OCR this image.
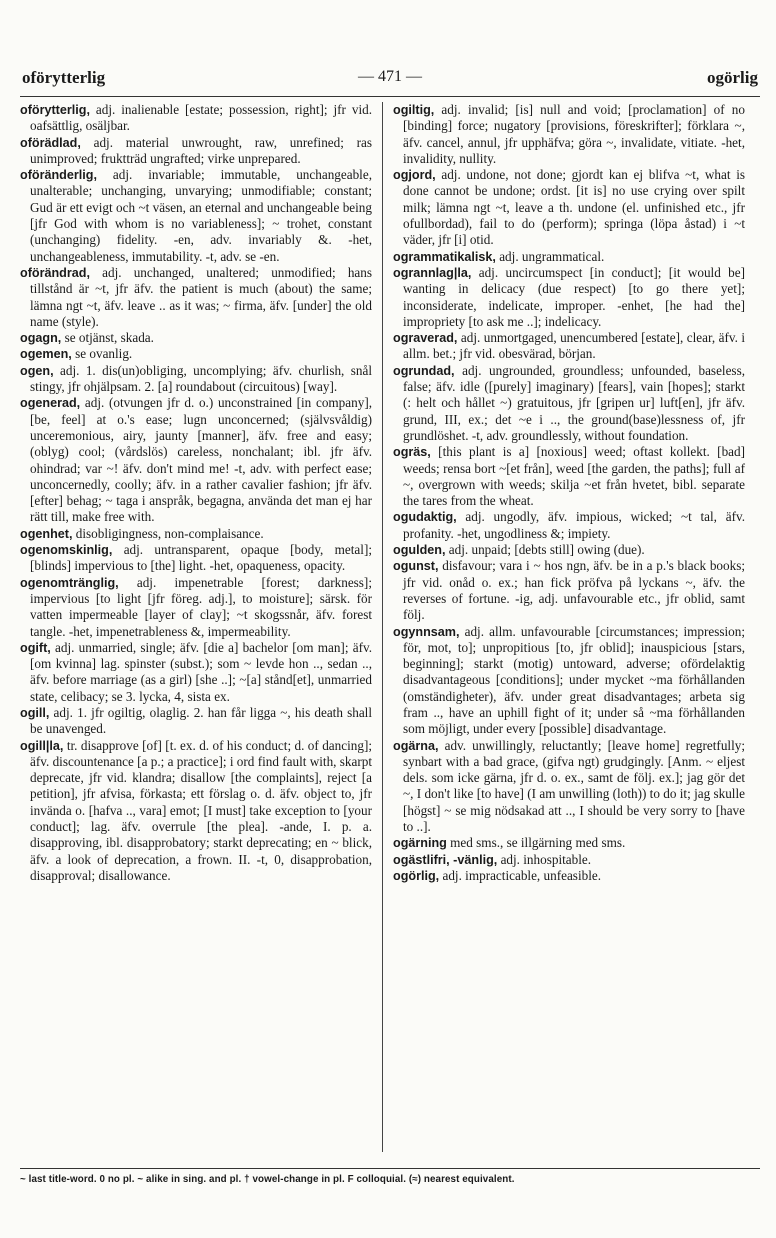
oförytterlig	— 471 —	ogörlig

oförytterlig, adj. inalienable [estate; possession, right]; jfr vid. oafsättlig, osäljbar.

oförädlad, adj. material unwrought, raw, unrefined; ras unimproved; fruktträd ungrafted; virke unprepared.

oföränderlig, adj. invariable; immutable, unchangeable, unalterable; unchanging, unvarying; unmodifiable; constant; Gud är ett evigt och ~t väsen, an eternal and unchangeable being [jfr God with whom is no variableness]; ~ trohet, constant (unchanging) fidelity. -en, adv. invariably &. -het, unchangeableness, immutability. -t, adv. se -en.

oförändrad, adj. unchanged, unaltered; unmodified; hans tillstånd är ~t, jfr äfv. the patient is much (about) the same; lämna ngt ~t, äfv. leave .. as it was; ~ firma, äfv. [under] the old name (style).

ogagn, se otjänst, skada.

ogemen, se ovanlig.

ogen, adj. 1. dis(un)obliging, uncomplying; äfv. churlish, snål stingy, jfr ohjälpsam. 2. [a] roundabout (circuitous) [way].

ogenerad, adj. (otvungen jfr d. o.) unconstrained [in company], [be, feel] at o.'s ease; lugn unconcerned; (självsvåldig) unceremonious, airy, jaunty [manner], äfv. free and easy; (oblyg) cool; (vårdslös) careless, nonchalant; ibl. jfr äfv. ohindrad; var ~! äfv. don't mind me! -t, adv. with perfect ease; unconcernedly, coolly; äfv. in a rather cavalier fashion; jfr äfv. [efter] behag; ~ taga i anspråk, begagna, använda det man ej har rätt till, make free with.

ogenhet, disobligingness, non-complaisance.

ogenomskinlig, adj. untransparent, opaque [body, metal]; [blinds] impervious to [the] light. -het, opaqueness, opacity.

ogenomtränglig, adj. impenetrable [forest; darkness]; impervious [to light [jfr föreg. adj.], to moisture]; särsk. för vatten impermeable [layer of clay]; ~t skogssnår, äfv. forest tangle. -het, impenetrableness &, impermeability.

ogift, adj. unmarried, single; äfv. [die a] bachelor [om man]; äfv. [om kvinna] lag. spinster (subst.); som ~ levde hon .., sedan .., äfv. before marriage (as a girl) [she ..]; ~[a] stånd[et], unmarried state, celibacy; se 3. lycka, 4, sista ex.

ogill, adj. 1. jfr ogiltig, olaglig. 2. han får ligga ~, his death shall be unavenged.

ogill|la, tr. disapprove [of] [t. ex. d. of his conduct; d. of dancing]; äfv. discountenance [a p.; a practice]; i ord find fault with, skarpt deprecate, jfr vid. klandra; disallow [the complaints], reject [a petition], jfr afvisa, förkasta; ett förslag o. d. äfv. object to, jfr invända o. [hafva .., vara] emot; [I must] take exception to [your conduct]; lag. äfv. overrule [the plea]. -ande, I. p. a. disapproving, ibl. disapprobatory; starkt deprecating; en ~ blick, äfv. a look of deprecation, a frown. II. -t, 0, disapprobation, disapproval; disallowance.

ogiltig, adj. invalid; [is] null and void; [proclamation] of no [binding] force; nugatory [provisions, föreskrifter]; förklara ~, äfv. cancel, annul, jfr upphäfva; göra ~, invalidate, vitiate. -het, invalidity, nullity.

ogjord, adj. undone, not done; gjordt kan ej blifva ~t, what is done cannot be undone; ordst. [it is] no use crying over spilt milk; lämna ngt ~t, leave a th. undone (el. unfinished etc., jfr ofullbordad), fail to do (perform); springa (löpa åstad) i ~t väder, jfr [i] otid.

ogrammatikalisk, adj. ungrammatical.

ogrannlag|la, adj. uncircumspect [in conduct]; [it would be] wanting in delicacy (due respect) [to go there yet]; inconsiderate, indelicate, improper. -enhet, [he had the] impropriety [to ask me ..]; indelicacy.

ograverad, adj. unmortgaged, unencumbered [estate], clear, äfv. i allm. bet.; jfr vid. obesvärad, början.

ogrundad, adj. ungrounded, groundless; unfounded, baseless, false; äfv. idle ([purely] imaginary) [fears], vain [hopes]; starkt (: helt och hållet ~) gratuitous, jfr [gripen ur] luft[en], jfr äfv. grund, III, ex.; det ~e i .., the ground(base)lessness of, jfr grundlöshet. -t, adv. groundlessly, without foundation.

ogräs, [this plant is a] [noxious] weed; oftast kollekt. [bad] weeds; rensa bort ~[et från], weed [the garden, the paths]; full af ~, overgrown with weeds; skilja ~et från hvetet, bibl. separate the tares from the wheat.

ogudaktig, adj. ungodly, äfv. impious, wicked; ~t tal, äfv. profanity. -het, ungodliness &; impiety.

ogulden, adj. unpaid; [debts still] owing (due).

ogunst, disfavour; vara i ~ hos ngn, äfv. be in a p.'s black books; jfr vid. onåd o. ex.; han fick pröfva på lyckans ~, äfv. the reverses of fortune. -ig, adj. unfavourable etc., jfr oblid, samt följ.

ogynnsam, adj. allm. unfavourable [circumstances; impression; för, mot, to]; unpropitious [to, jfr oblid]; inauspicious [stars, beginning]; starkt (motig) untoward, adverse; ofördelaktig disadvantageous [conditions]; under mycket ~ma förhållanden (omständigheter), äfv. under great disadvantages; arbeta sig fram .., have an uphill fight of it; under så ~ma förhållanden som möjligt, under every [possible] disadvantage.

ogärna, adv. unwillingly, reluctantly; [leave home] regretfully; synbart with a bad grace, (gifva ngt) grudgingly. [Anm. ~ eljest dels. som icke gärna, jfr d. o. ex., samt de följ. ex.]; jag gör det ~, I don't like [to have] (I am unwilling (loth)) to do it; jag skulle [högst] ~ se mig nödsakad att .., I should be very sorry to [have to ..].

ogärning med sms., se illgärning med sms.

ogästlifri, -vänlig, adj. inhospitable.

ogörlig, adj. impracticable, unfeasible.

~ last title-word. 0 no pl. ~ alike in sing. and pl. † vowel-change in pl. F colloquial. (≈) nearest equivalent.
